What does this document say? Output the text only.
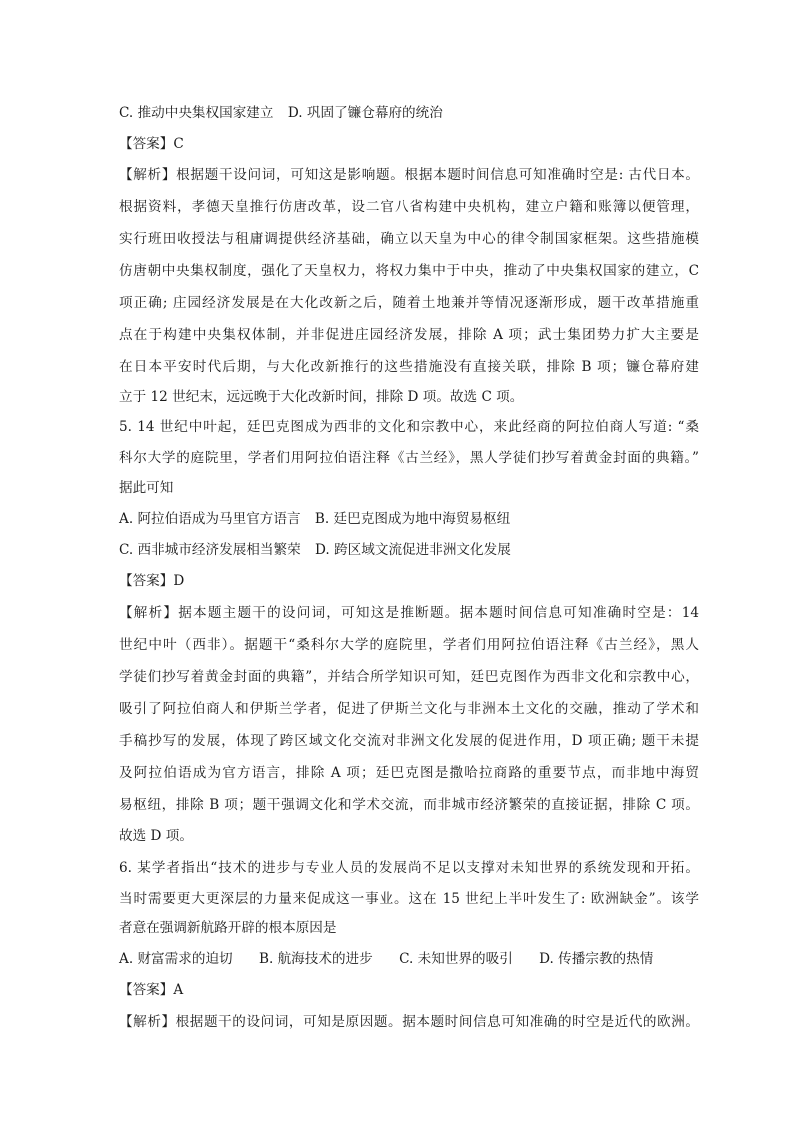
C. 推动中央集权国家建立 D. 巩固了镰仓幕府的统治
【答案】C
【解析】根据题干设问词，可知这是影响题。根据本题时间信息可知准确时空是: 古代日本。
根据资料，孝德天皇推行仿唐改革，设二官八省构建中央机构，建立户籍和账簿以便管理，
实行班田收授法与租庸调提供经济基础，确立以天皇为中心的律令制国家框架。这些措施模
仿唐朝中央集权制度，强化了天皇权力，将权力集中于中央，推动了中央集权国家的建立，C
项正确; 庄园经济发展是在大化改新之后，随着土地兼并等情况逐渐形成，题干改革措施重
点在于构建中央集权体制，并非促进庄园经济发展，排除 A 项；武士集团势力扩大主要是
在日本平安时代后期，与大化改新推行的这些措施没有直接关联，排除 B 项；镰仓幕府建
立于 12 世纪末，远远晚于大化改新时间，排除 D 项。故选 C 项。
5. 14 世纪中叶起，廷巴克图成为西非的文化和宗教中心，来此经商的阿拉伯商人写道: “桑
科尔大学的庭院里，学者们用阿拉伯语注释《古兰经》，黑人学徒们抄写着黄金封面的典籍。”
据此可知
A. 阿拉伯语成为马里官方语言 B. 廷巴克图成为地中海贸易枢纽
C. 西非城市经济发展相当繁荣 D. 跨区域文流促进非洲文化发展
【答案】D
【解析】据本题主题干的设问词，可知这是推断题。据本题时间信息可知准确时空是：14
世纪中叶（西非）。据题干“桑科尔大学的庭院里，学者们用阿拉伯语注释《古兰经》，黑人
学徒们抄写着黄金封面的典籍”，并结合所学知识可知，廷巴克图作为西非文化和宗教中心，
吸引了阿拉伯商人和伊斯兰学者，促进了伊斯兰文化与非洲本土文化的交融，推动了学术和
手稿抄写的发展，体现了跨区域文化交流对非洲文化发展的促进作用，D 项正确; 题干未提
及阿拉伯语成为官方语言，排除 A 项；廷巴克图是撒哈拉商路的重要节点，而非地中海贸
易枢纽，排除 B 项；题干强调文化和学术交流，而非城市经济繁荣的直接证据，排除 C 项。
故选 D 项。
6. 某学者指出“技术的进步与专业人员的发展尚不足以支撑对未知世界的系统发现和开拓。
当时需要更大更深层的力量来促成这一事业。这在 15 世纪上半叶发生了: 欧洲缺金”。该学
者意在强调新航路开辟的根本原因是
A. 财富需求的迫切 B. 航海技术的进步 C. 未知世界的吸引 D. 传播宗教的热情
【答案】A
【解析】根据题干的设问词，可知是原因题。据本题时间信息可知准确的时空是近代的欧洲。
